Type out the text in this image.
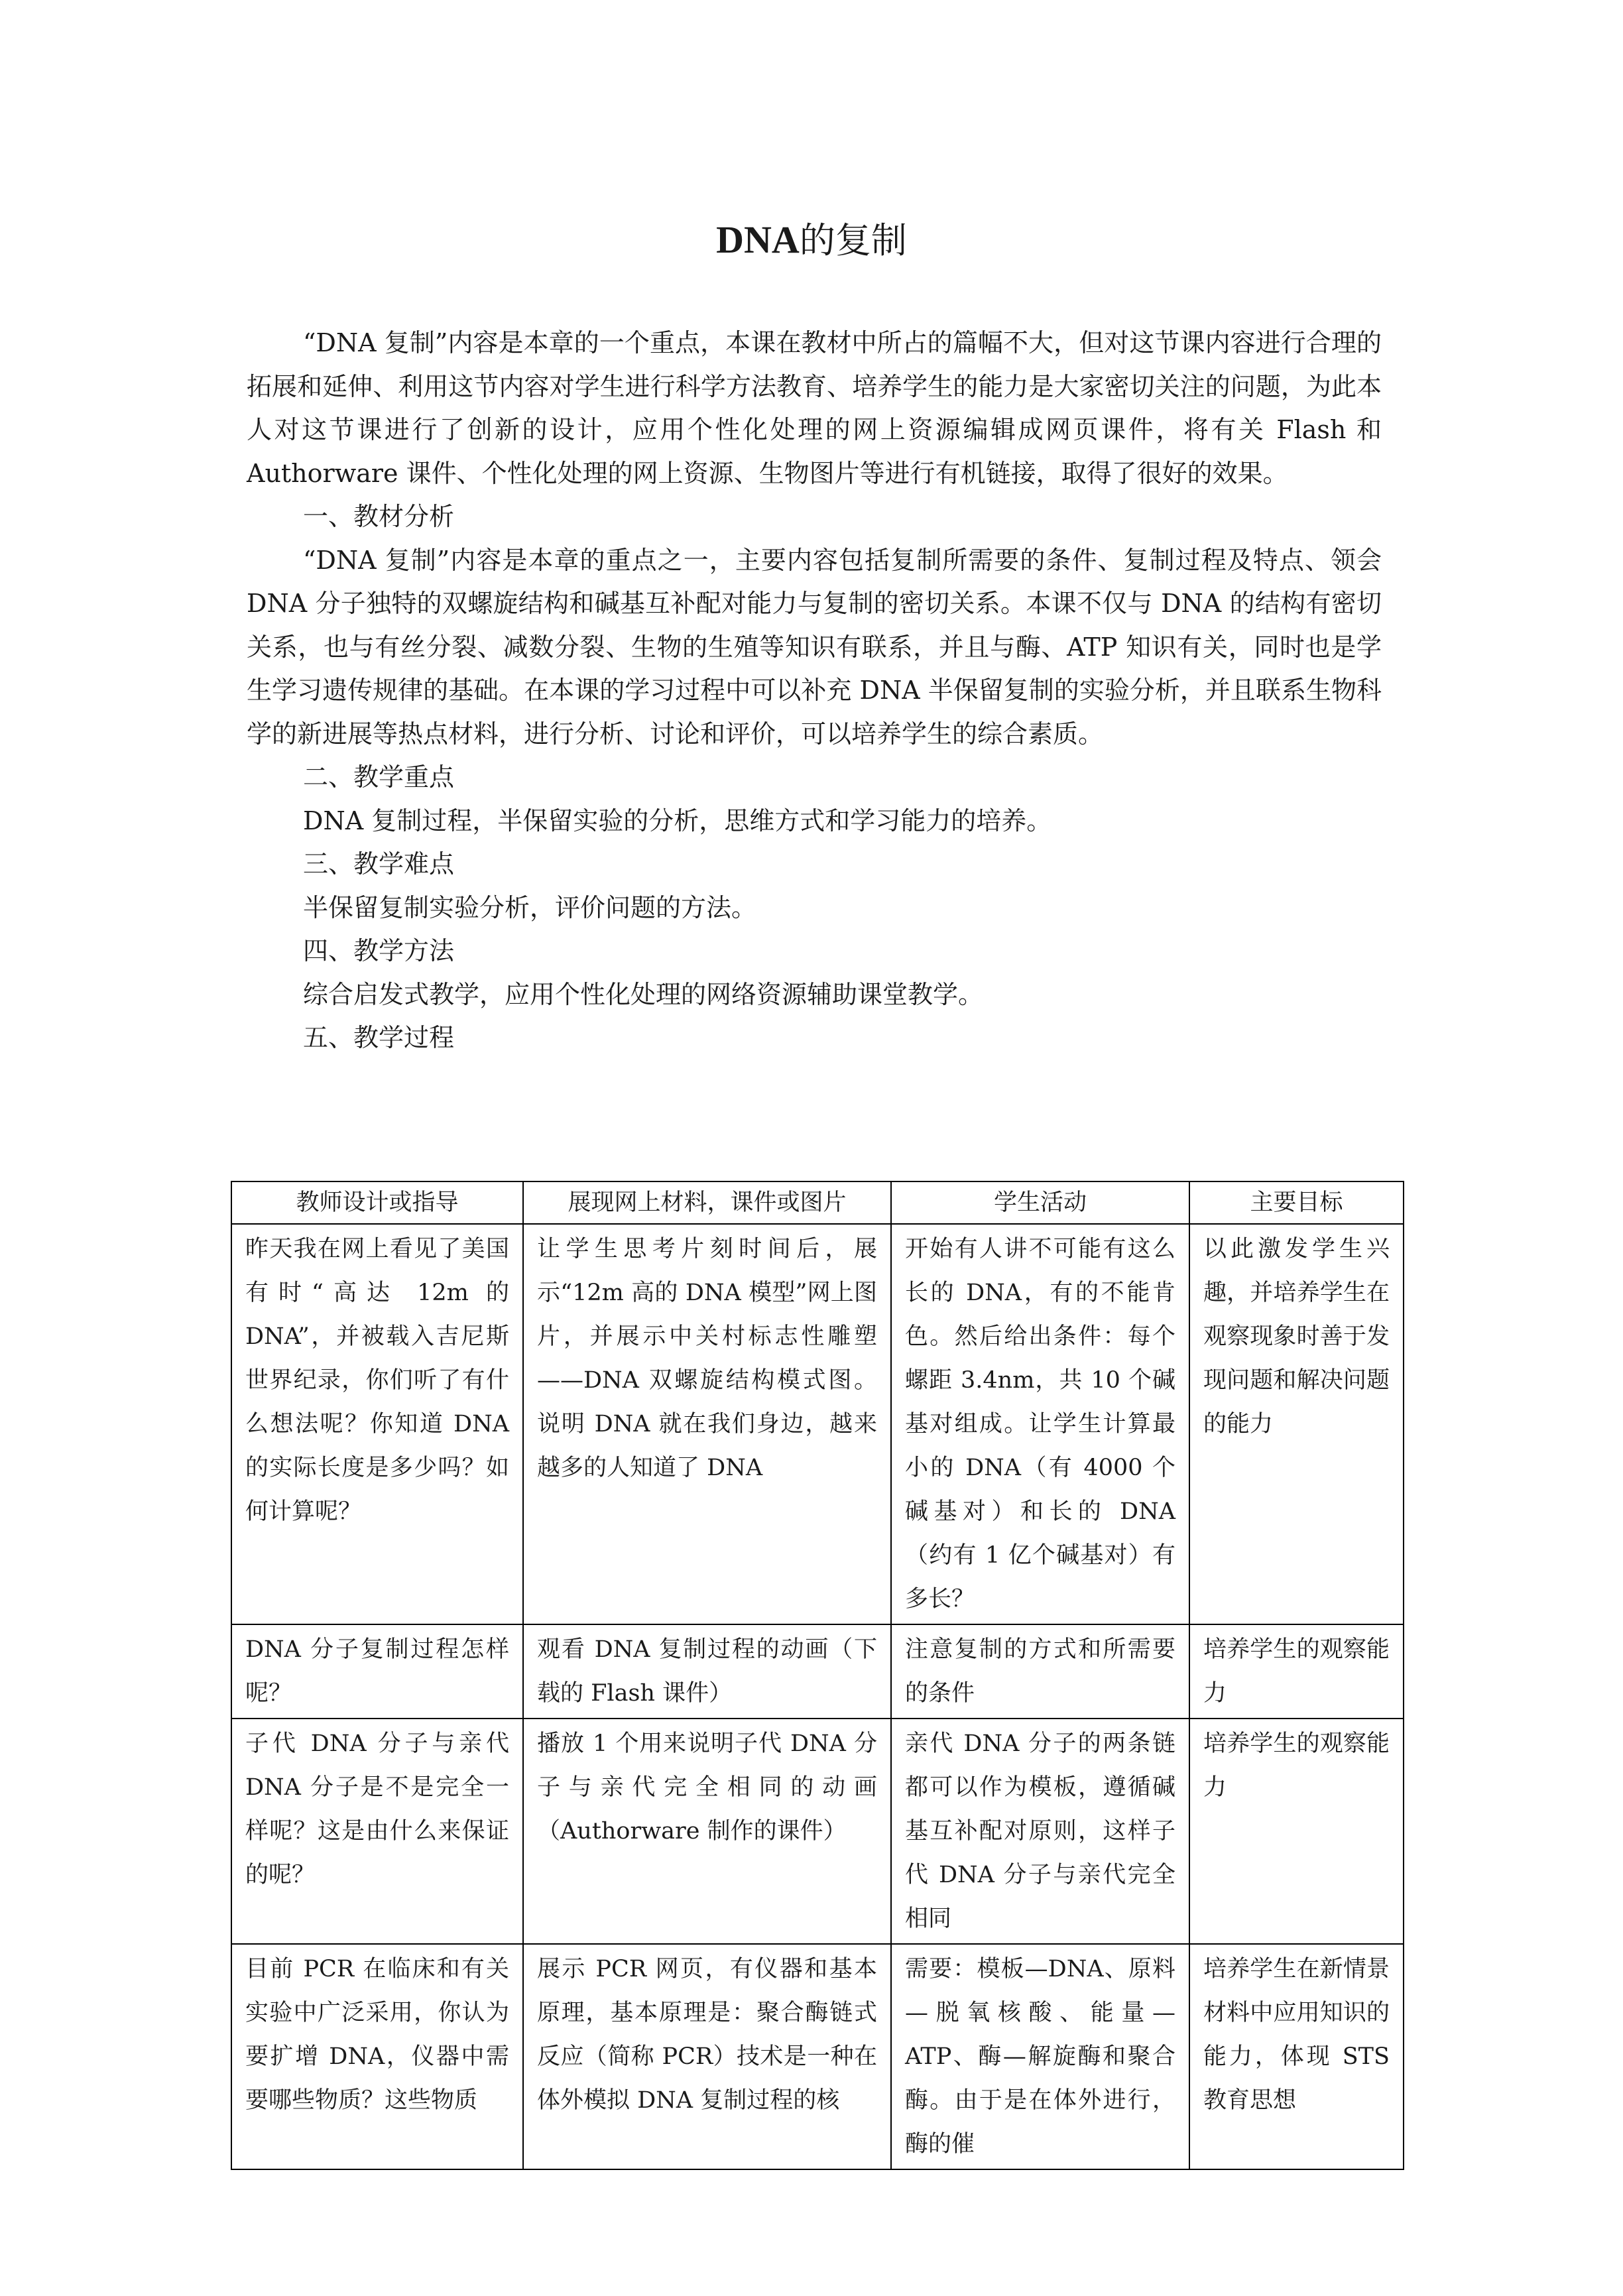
DNA的复制

“DNA 复制”内容是本章的一个重点，本课在教材中所占的篇幅不大，但对这节课内容进行合理的拓展和延伸、利用这节内容对学生进行科学方法教育、培养学生的能力是大家密切关注的问题，为此本人对这节课进行了创新的设计，应用个性化处理的网上资源编辑成网页课件，将有关 Flash 和 Authorware 课件、个性化处理的网上资源、生物图片等进行有机链接，取得了很好的效果。

一、教材分析

“DNA 复制”内容是本章的重点之一，主要内容包括复制所需要的条件、复制过程及特点、领会 DNA 分子独特的双螺旋结构和碱基互补配对能力与复制的密切关系。本课不仅与 DNA 的结构有密切关系，也与有丝分裂、减数分裂、生物的生殖等知识有联系，并且与酶、ATP 知识有关，同时也是学生学习遗传规律的基础。在本课的学习过程中可以补充 DNA 半保留复制的实验分析，并且联系生物科学的新进展等热点材料，进行分析、讨论和评价，可以培养学生的综合素质。

二、教学重点

DNA 复制过程，半保留实验的分析，思维方式和学习能力的培养。

三、教学难点

半保留复制实验分析，评价问题的方法。

四、教学方法

综合启发式教学，应用个性化处理的网络资源辅助课堂教学。

五、教学过程

教师设计或指导	展现网上材料，课件或图片	学生活动	主要目标
昨天我在网上看见了美国有时“高达 12m 的 DNA”，并被载入吉尼斯世界纪录，你们听了有什么想法呢？你知道 DNA 的实际长度是多少吗？如何计算呢？	让学生思考片刻时间后，展示“12m 高的 DNA 模型”网上图片，并展示中关村标志性雕塑——DNA 双螺旋结构模式图。说明 DNA 就在我们身边，越来越多的人知道了 DNA	开始有人讲不可能有这么长的 DNA，有的不能肯色。然后给出条件：每个螺距 3.4nm，共 10 个碱基对组成。让学生计算最小的 DNA（有 4000 个碱基对）和长的 DNA（约有 1 亿个碱基对）有多长？	以此激发学生兴趣，并培养学生在观察现象时善于发现问题和解决问题的能力
DNA 分子复制过程怎样呢？	观看 DNA 复制过程的动画（下载的 Flash 课件）	注意复制的方式和所需要的条件	培养学生的观察能力
子代 DNA 分子与亲代 DNA 分子是不是完全一样呢？这是由什么来保证的呢？	播放 1 个用来说明子代 DNA 分子与亲代完全相同的动画（Authorware 制作的课件）	亲代 DNA 分子的两条链都可以作为模板，遵循碱基互补配对原则，这样子代 DNA 分子与亲代完全相同	培养学生的观察能力
目前 PCR 在临床和有关实验中广泛采用，你认为要扩增 DNA，仪器中需要哪些物质？这些物质	展示 PCR 网页，有仪器和基本原理，基本原理是：聚合酶链式反应（简称 PCR）技术是一种在体外模拟 DNA 复制过程的核	需要：模板—DNA、原料—脱氧核酸、能量—ATP、酶—解旋酶和聚合酶。由于是在体外进行，酶的催	培养学生在新情景材料中应用知识的能力，体现 STS 教育思想
